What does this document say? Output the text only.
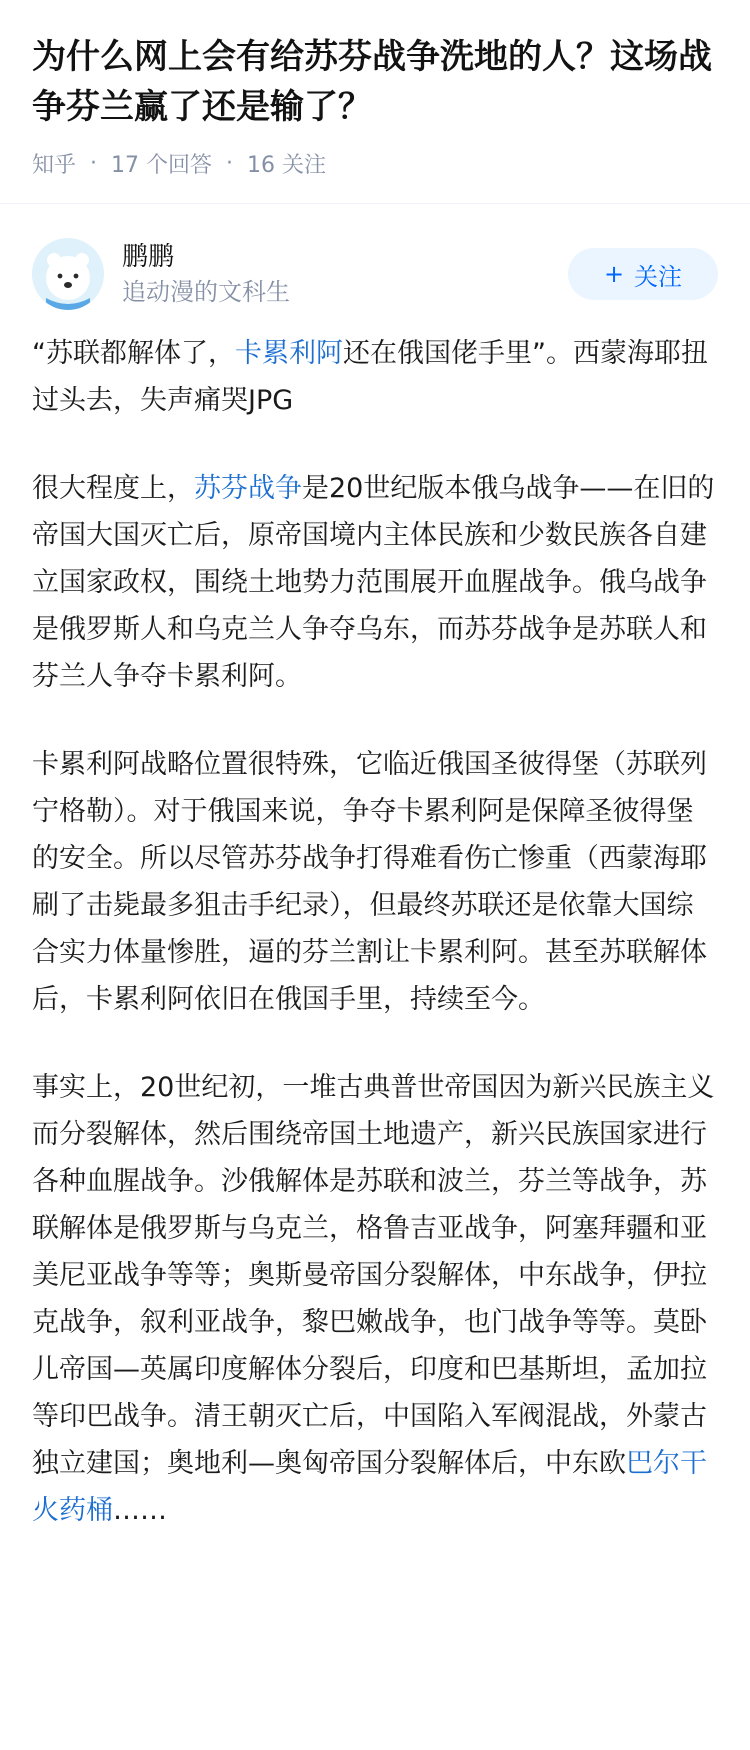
为什么网上会有给苏芬战争洗地的人？这场战争芬兰赢了还是输了？
知乎 · 17 个回答 · 16 关注
鹏鹏
追动漫的文科生
+ 关注

“苏联都解体了，卡累利阿还在俄国佬手里”。西蒙海耶扭过头去，失声痛哭JPG

很大程度上，苏芬战争是20世纪版本俄乌战争——在旧的帝国大国灭亡后，原帝国境内主体民族和少数民族各自建立国家政权，围绕土地势力范围展开血腥战争。俄乌战争是俄罗斯人和乌克兰人争夺乌东，而苏芬战争是苏联人和芬兰人争夺卡累利阿。

卡累利阿战略位置很特殊，它临近俄国圣彼得堡（苏联列宁格勒）。对于俄国来说，争夺卡累利阿是保障圣彼得堡的安全。所以尽管苏芬战争打得难看伤亡惨重（西蒙海耶刷了击毙最多狙击手纪录），但最终苏联还是依靠大国综合实力体量惨胜，逼的芬兰割让卡累利阿。甚至苏联解体后，卡累利阿依旧在俄国手里，持续至今。

事实上，20世纪初，一堆古典普世帝国因为新兴民族主义而分裂解体，然后围绕帝国土地遗产，新兴民族国家进行各种血腥战争。沙俄解体是苏联和波兰，芬兰等战争，苏联解体是俄罗斯与乌克兰，格鲁吉亚战争，阿塞拜疆和亚美尼亚战争等等；奥斯曼帝国分裂解体，中东战争，伊拉克战争，叙利亚战争，黎巴嫩战争，也门战争等等。莫卧儿帝国—英属印度解体分裂后，印度和巴基斯坦，孟加拉等印巴战争。清王朝灭亡后，中国陷入军阀混战，外蒙古独立建国；奥地利—奥匈帝国分裂解体后，中东欧巴尔干火药桶……
